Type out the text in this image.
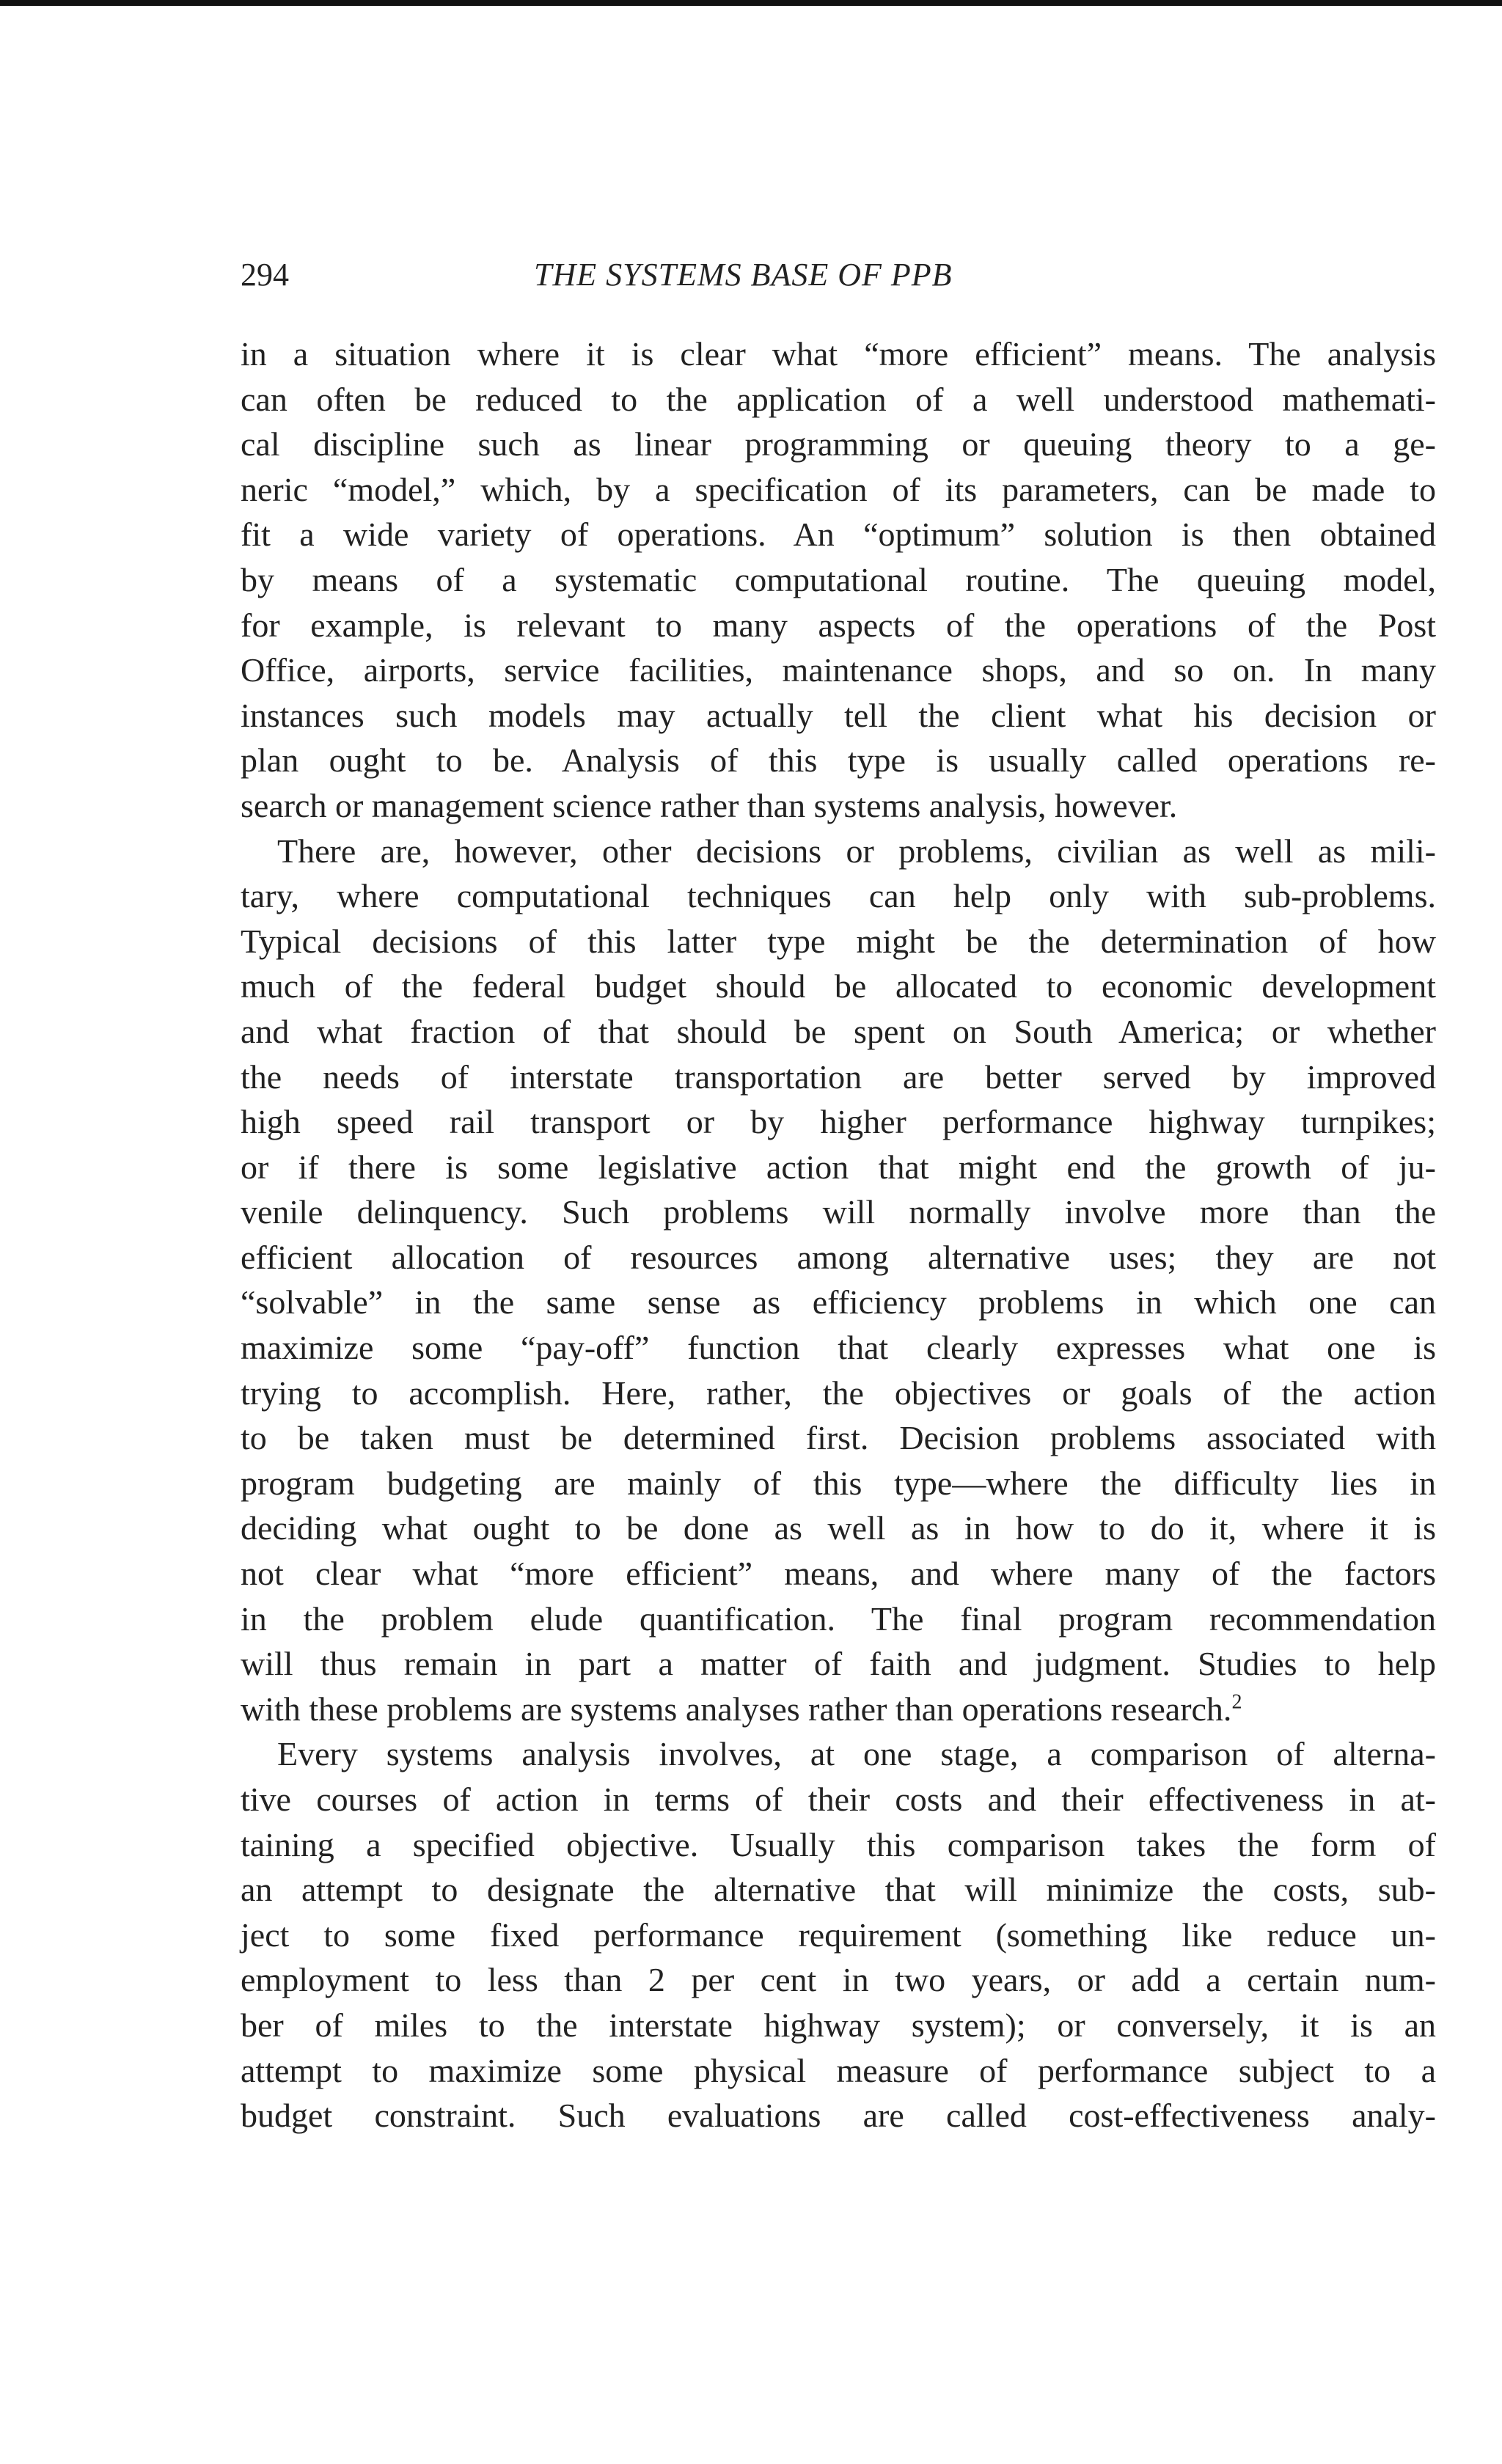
294	THE SYSTEMS BASE OF PPB
in a situation where it is clear what “more efficient” means. The analysis
can often be reduced to the application of a well understood mathemati-
cal discipline such as linear programming or queuing theory to a ge-
neric “model,” which, by a specification of its parameters, can be made to
fit a wide variety of operations. An “optimum” solution is then obtained
by means of a systematic computational routine. The queuing model,
for example, is relevant to many aspects of the operations of the Post
Office, airports, service facilities, maintenance shops, and so on. In many
instances such models may actually tell the client what his decision or
plan ought to be. Analysis of this type is usually called operations re-
search or management science rather than systems analysis, however.
There are, however, other decisions or problems, civilian as well as mili-
tary, where computational techniques can help only with sub-problems.
Typical decisions of this latter type might be the determination of how
much of the federal budget should be allocated to economic development
and what fraction of that should be spent on South America; or whether
the needs of interstate transportation are better served by improved
high speed rail transport or by higher performance highway turnpikes;
or if there is some legislative action that might end the growth of ju-
venile delinquency. Such problems will normally involve more than the
efficient allocation of resources among alternative uses; they are not
“solvable” in the same sense as efficiency problems in which one can
maximize some “pay-off” function that clearly expresses what one is
trying to accomplish. Here, rather, the objectives or goals of the action
to be taken must be determined first. Decision problems associated with
program budgeting are mainly of this type—where the difficulty lies in
deciding what ought to be done as well as in how to do it, where it is
not clear what “more efficient” means, and where many of the factors
in the problem elude quantification. The final program recommendation
will thus remain in part a matter of faith and judgment. Studies to help
with these problems are systems analyses rather than operations research.$^2$
Every systems analysis involves, at one stage, a comparison of alterna-
tive courses of action in terms of their costs and their effectiveness in at-
taining a specified objective. Usually this comparison takes the form of
an attempt to designate the alternative that will minimize the costs, sub-
ject to some fixed performance requirement (something like reduce un-
employment to less than 2 per cent in two years, or add a certain num-
ber of miles to the interstate highway system); or conversely, it is an
attempt to maximize some physical measure of performance subject to a
budget constraint. Such evaluations are called cost-effectiveness analy-
